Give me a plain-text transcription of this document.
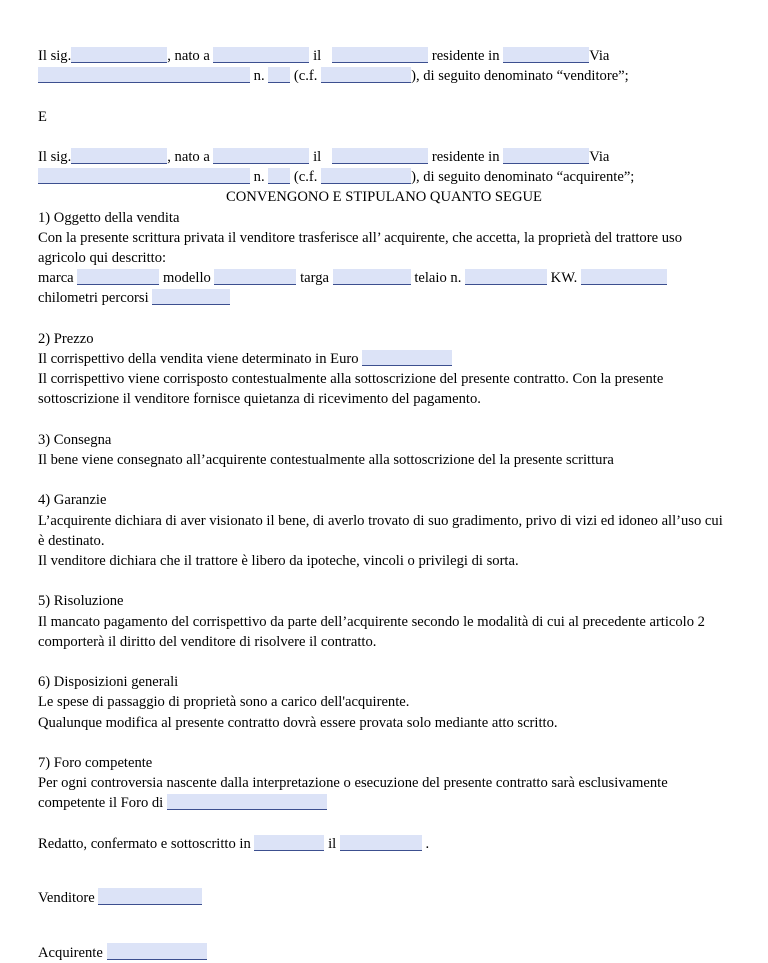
Il sig.	, nato a	il	residente in	Via

n. (c.f.	), di seguito denominato “venditore”;

E

Il sig.	, nato a	il	residente in	Via

n. (c.f.	), di seguito denominato “acquirente”;

CONVENGONO E STIPULANO QUANTO SEGUE

1) Oggetto della vendita

Con la presente scrittura privata il venditore trasferisce all’ acquirente, che accetta, la proprietà del trattore uso agricolo qui descritto:

marca	modello	targa	telaio n.	KW.

chilometri percorsi

2) Prezzo

Il corrispettivo della vendita viene determinato in Euro

Il corrispettivo viene corrisposto contestualmente alla sottoscrizione del presente contratto. Con la presente sottoscrizione il venditore fornisce quietanza di ricevimento del pagamento.

3) Consegna

Il bene viene consegnato all’acquirente contestualmente alla sottoscrizione del la presente scrittura

4) Garanzie

L’acquirente dichiara di aver visionato il bene, di averlo trovato di suo gradimento, privo di vizi ed idoneo all’uso cui è destinato.

Il venditore dichiara che il trattore è libero da ipoteche, vincoli o privilegi di sorta.

5) Risoluzione

Il mancato pagamento del corrispettivo da parte dell’acquirente secondo le modalità di cui al precedente articolo 2 comporterà il diritto del venditore di risolvere il contratto.

6) Disposizioni generali

Le spese di passaggio di proprietà sono a carico dell'acquirente.

Qualunque modifica al presente contratto dovrà essere provata solo mediante atto scritto.

7) Foro competente

Per ogni controversia nascente dalla interpretazione o esecuzione del presente contratto sarà esclusivamente competente il Foro di

Redatto, confermato e sottoscritto in	il	.

Venditore

Acquirente
